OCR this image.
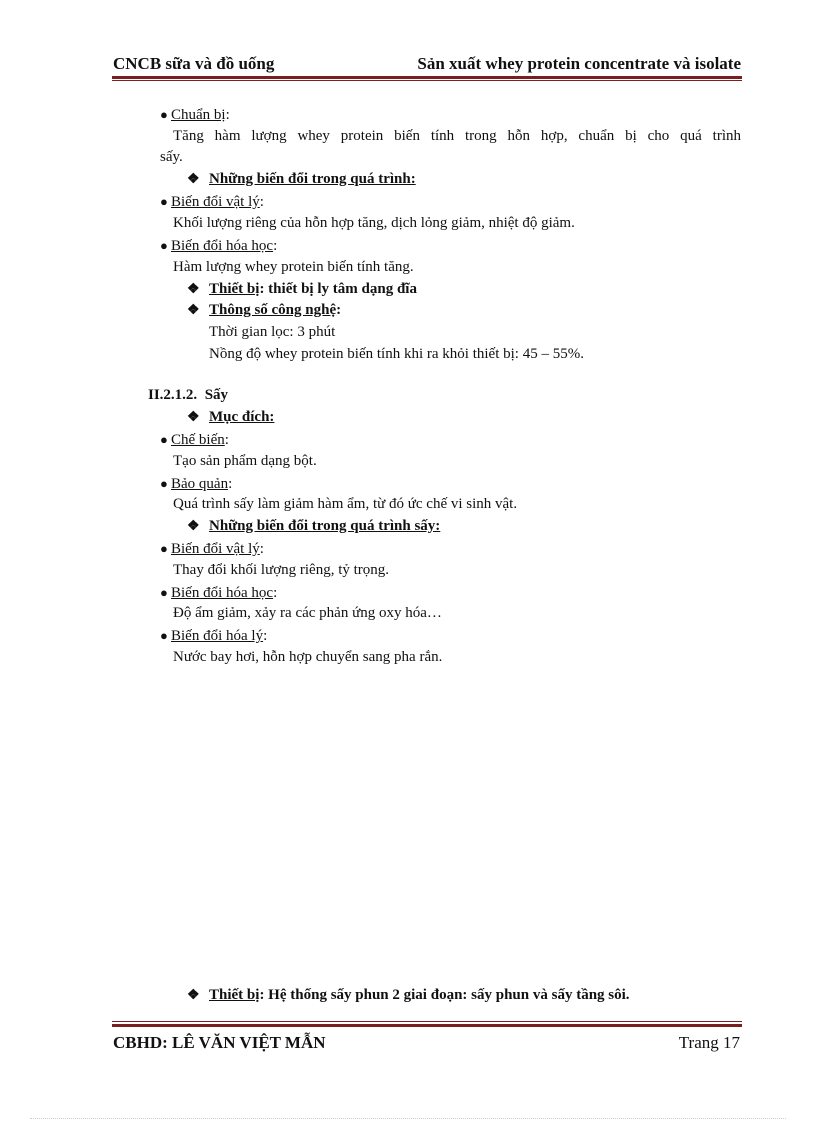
CNCB sữa và đồ uống	Sản xuất whey protein concentrate và isolate
● Chuẩn bị:
Tăng hàm lượng whey protein biến tính trong hỗn hợp, chuẩn bị cho quá trình
sấy.
❖ Những biến đổi trong quá trình:
● Biến đổi vật lý:
Khối lượng riêng của hỗn hợp tăng, dịch lỏng giảm, nhiệt độ giảm.
● Biến đổi hóa học:
Hàm lượng whey protein biến tính tăng.
❖ Thiết bị: thiết bị ly tâm dạng đĩa
❖ Thông số công nghệ:
Thời gian lọc: 3 phút
Nồng độ whey protein biến tính khi ra khỏi thiết bị: 45 – 55%.
II.2.1.2. Sấy
❖ Mục đích:
● Chế biến:
Tạo sản phẩm dạng bột.
● Bảo quản:
Quá trình sấy làm giảm hàm ẩm, từ đó ức chế vi sinh vật.
❖ Những biến đổi trong quá trình sấy:
● Biến đổi vật lý:
Thay đổi khối lượng riêng, tỷ trọng.
● Biến đổi hóa học:
Độ ẩm giảm, xảy ra các phản ứng oxy hóa…
● Biến đổi hóa lý:
Nước bay hơi, hỗn hợp chuyển sang pha rắn.
❖ Thiết bị: Hệ thống sấy phun 2 giai đoạn: sấy phun và sấy tầng sôi.
CBHD: LÊ VĂN VIỆT MẪN	Trang 17
